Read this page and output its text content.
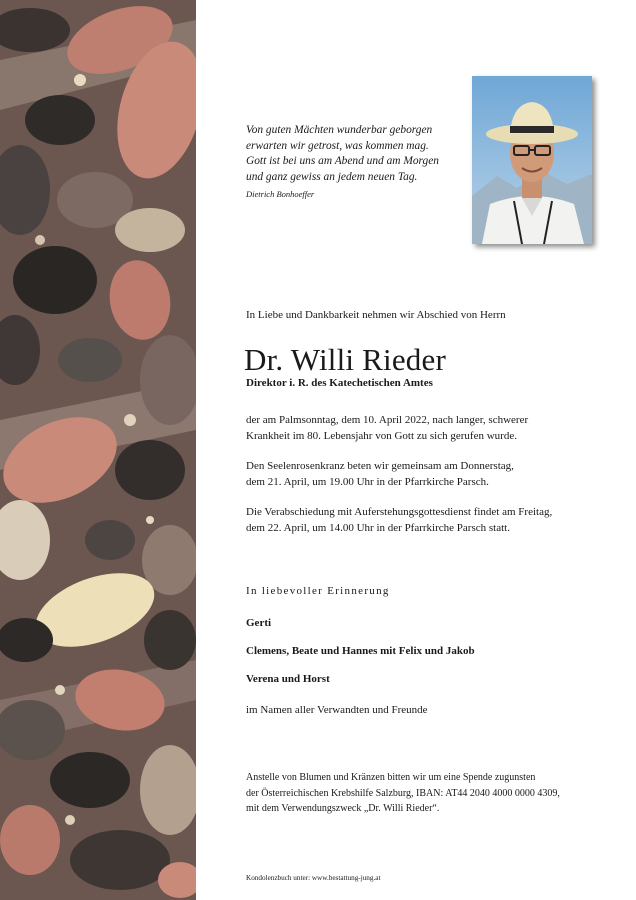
Von guten Mächten wunderbar geborgen
erwarten wir getrost, was kommen mag.
Gott ist bei uns am Abend und am Morgen
und ganz gewiss an jedem neuen Tag.
Dietrich Bonhoeffer
In Liebe und Dankbarkeit nehmen wir Abschied von Herrn
Dr. Willi Rieder
Direktor i. R. des Katechetischen Amtes
der am Palmsonntag, dem 10. April 2022, nach langer, schwerer
Krankheit im 80. Lebensjahr von Gott zu sich gerufen wurde.
Den Seelenrosenkranz beten wir gemeinsam am Donnerstag,
dem 21. April, um 19.00 Uhr in der Pfarrkirche Parsch.
Die Verabschiedung mit Auferstehungsgottesdienst findet am Freitag,
dem 22. April, um 14.00 Uhr in der Pfarrkirche Parsch statt.
In liebevoller Erinnerung
Gerti
Clemens, Beate und Hannes mit Felix und Jakob
Verena und Horst
im Namen aller Verwandten und Freunde
Anstelle von Blumen und Kränzen bitten wir um eine Spende zugunsten
der Österreichischen Krebshilfe Salzburg, IBAN: AT44 2040 4000 0000 4309,
mit dem Verwendungszweck „Dr. Willi Rieder“.
Kondolenzbuch unter: www.bestattung-jung.at
